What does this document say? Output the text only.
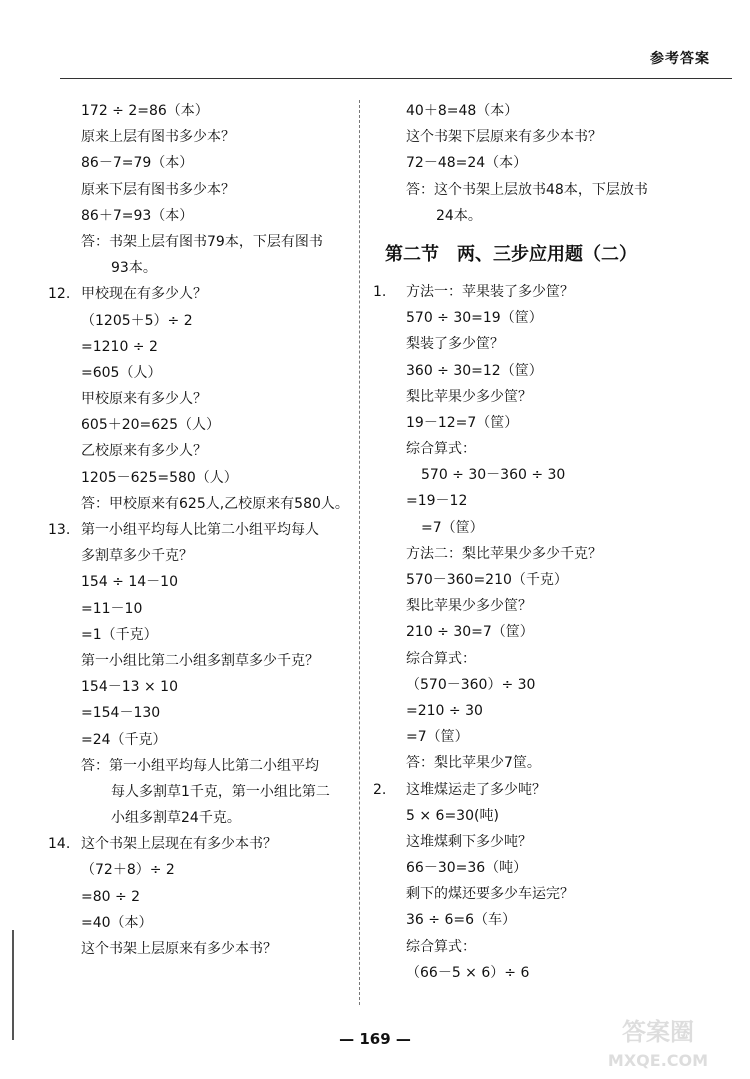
参考答案
172 ÷ 2=86（本）
原来上层有图书多少本？
86－7=79（本）
原来下层有图书多少本？
86＋7=93（本）
答：书架上层有图书79本，下层有图书
93本。
12. 甲校现在有多少人？
（1205＋5）÷ 2
=1210 ÷ 2
=605（人）
甲校原来有多少人？
605＋20=625（人）
乙校原来有多少人？
1205－625=580（人）
答：甲校原来有625人,乙校原来有580人。
13. 第一小组平均每人比第二小组平均每人
多割草多少千克？
154 ÷ 14－10
=11－10
=1（千克）
第一小组比第二小组多割草多少千克？
154－13 × 10
=154－130
=24（千克）
答：第一小组平均每人比第二小组平均
每人多割草1千克，第一小组比第二
小组多割草24千克。
14. 这个书架上层现在有多少本书？
（72＋8）÷ 2
=80 ÷ 2
=40（本）
这个书架上层原来有多少本书？
40＋8=48（本）
这个书架下层原来有多少本书？
72－48=24（本）
答：这个书架上层放书48本，下层放书
24本。
第二节　两、三步应用题（二）
1. 方法一：苹果装了多少筐？
570 ÷ 30=19（筐）
梨装了多少筐？
360 ÷ 30=12（筐）
梨比苹果少多少筐？
19－12=7（筐）
综合算式：
570 ÷ 30－360 ÷ 30
=19－12
=7（筐）
方法二：梨比苹果少多少千克？
570－360=210（千克）
梨比苹果少多少筐？
210 ÷ 30=7（筐）
综合算式：
（570－360）÷ 30
=210 ÷ 30
=7（筐）
答：梨比苹果少7筐。
2. 这堆煤运走了多少吨？
5 × 6=30(吨)
这堆煤剩下多少吨？
66－30=36（吨）
剩下的煤还要多少车运完？
36 ÷ 6=6（车）
综合算式：
（66－5 × 6）÷ 6
— 169 —	答案圈
MXQE.COM
